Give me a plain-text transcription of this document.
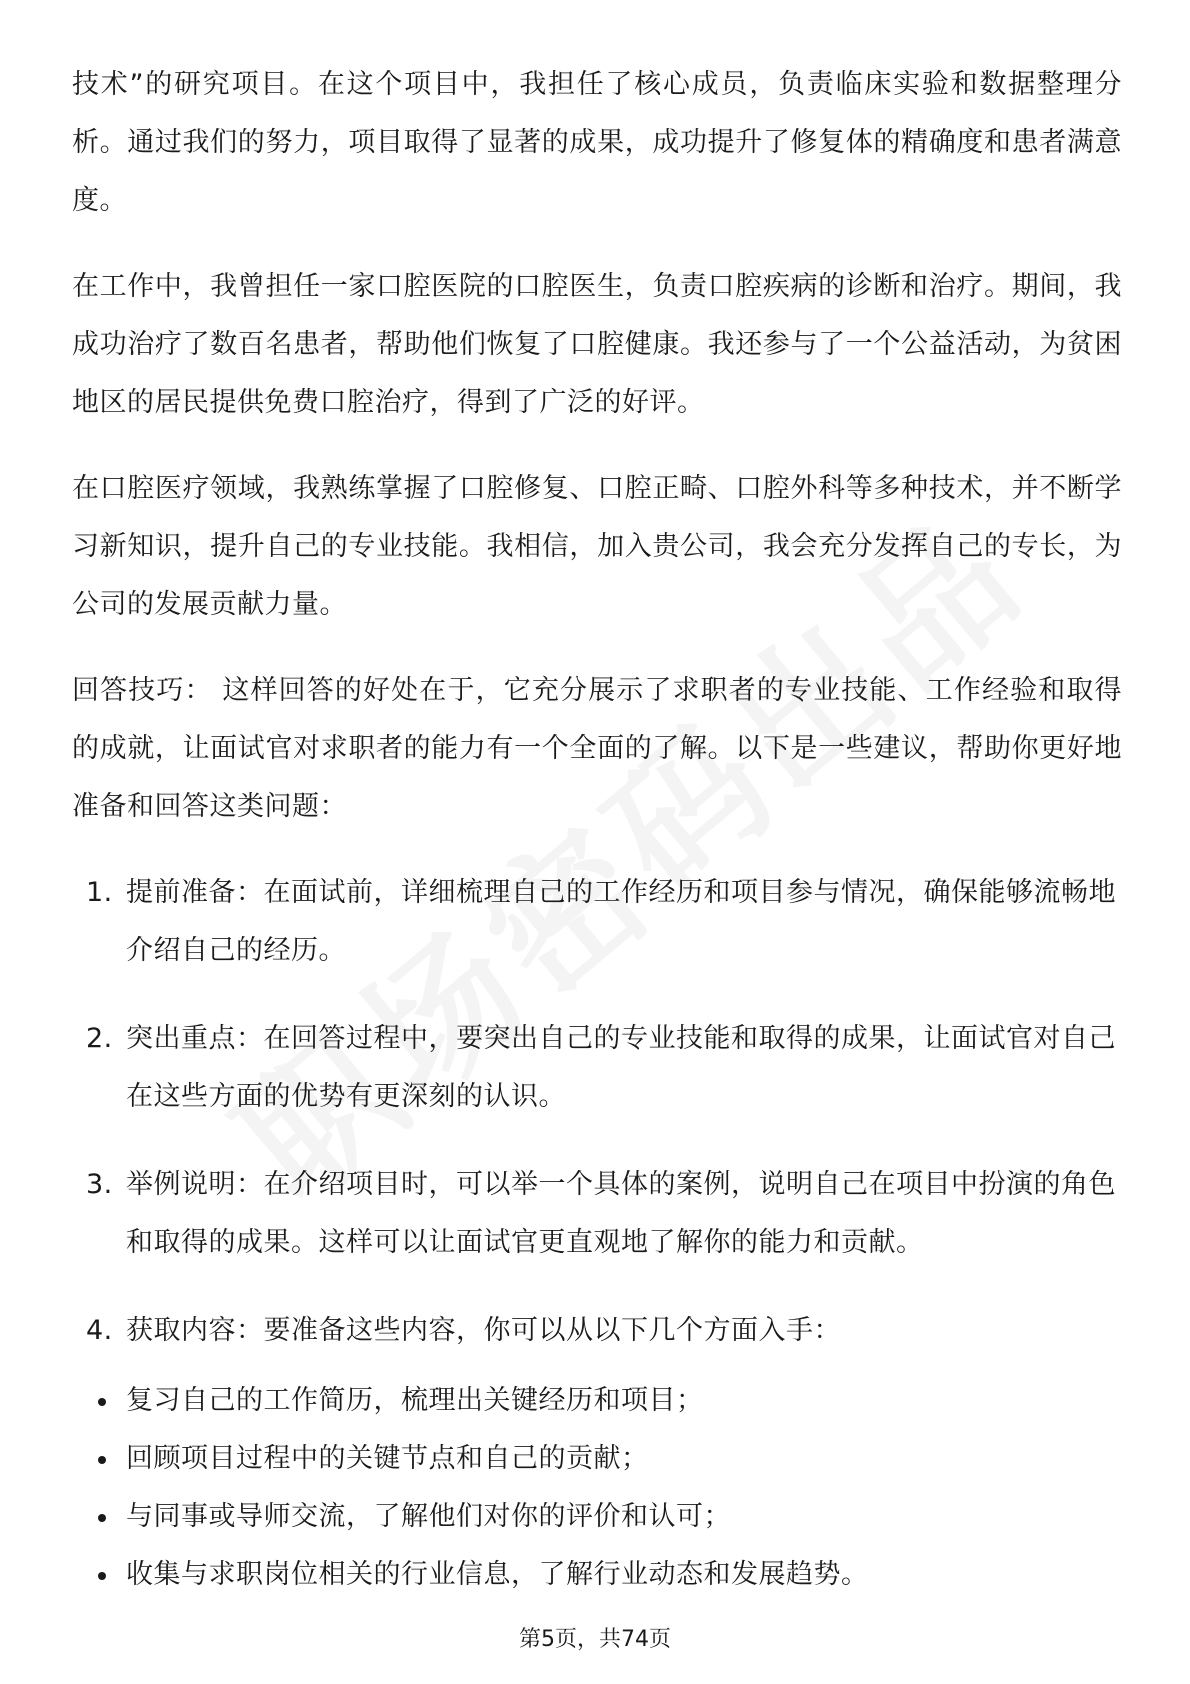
技术”的研究项目。在这个项目中，我担任了核心成员，负责临床实验和数据整理分析。通过我们的努力，项目取得了显著的成果，成功提升了修复体的精确度和患者满意度。

在工作中，我曾担任一家口腔医院的口腔医生，负责口腔疾病的诊断和治疗。期间，我成功治疗了数百名患者，帮助他们恢复了口腔健康。我还参与了一个公益活动，为贫困地区的居民提供免费口腔治疗，得到了广泛的好评。

在口腔医疗领域，我熟练掌握了口腔修复、口腔正畸、口腔外科等多种技术，并不断学习新知识，提升自己的专业技能。我相信，加入贵公司，我会充分发挥自己的专长，为公司的发展贡献力量。

回答技巧： 这样回答的好处在于，它充分展示了求职者的专业技能、工作经验和取得的成就，让面试官对求职者的能力有一个全面的了解。以下是一些建议，帮助你更好地准备和回答这类问题：

1. 提前准备：在面试前，详细梳理自己的工作经历和项目参与情况，确保能够流畅地介绍自己的经历。
2. 突出重点：在回答过程中，要突出自己的专业技能和取得的成果，让面试官对自己在这些方面的优势有更深刻的认识。
3. 举例说明：在介绍项目时，可以举一个具体的案例，说明自己在项目中扮演的角色和取得的成果。这样可以让面试官更直观地了解你的能力和贡献。
4. 获取内容：要准备这些内容，你可以从以下几个方面入手：
复习自己的工作简历，梳理出关键经历和项目；
回顾项目过程中的关键节点和自己的贡献；
与同事或导师交流，了解他们对你的评价和认可；
收集与求职岗位相关的行业信息，了解行业动态和发展趋势。
第5页，共74页
